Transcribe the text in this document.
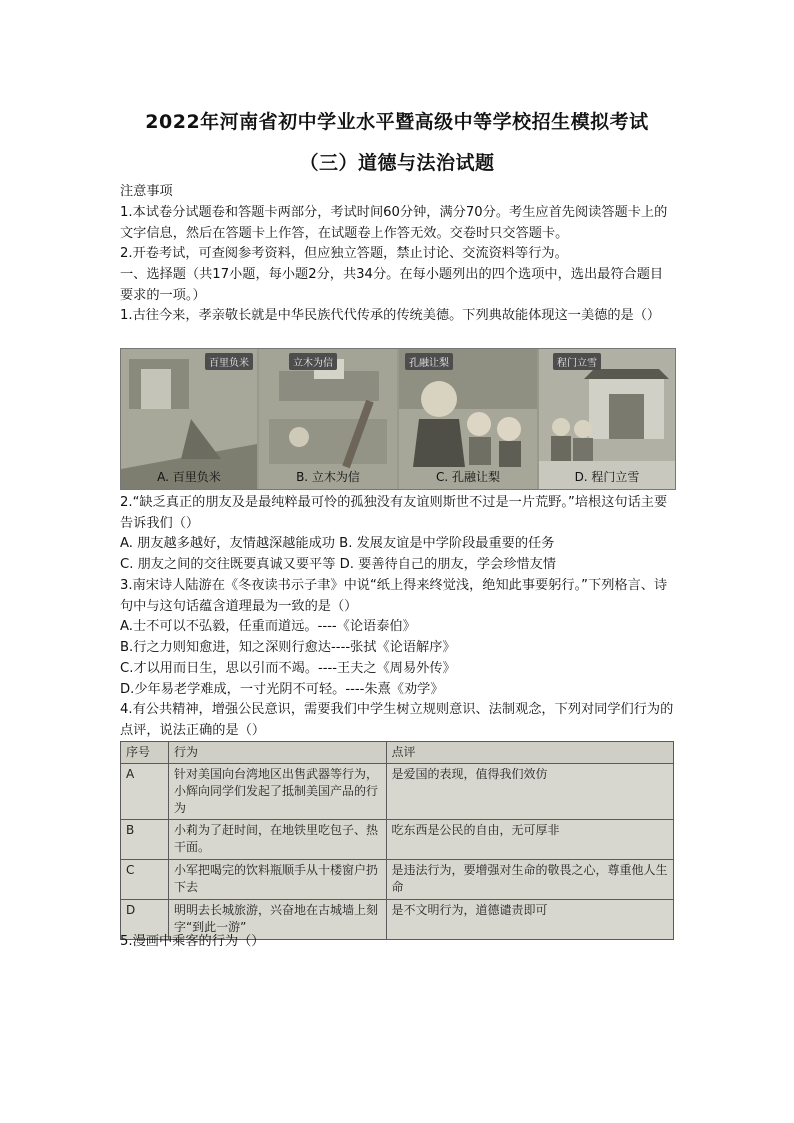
2022年河南省初中学业水平暨高级中等学校招生模拟考试
（三）道德与法治试题
注意事项
1.本试卷分试题卷和答题卡两部分，考试时间60分钟，满分70分。考生应首先阅读答题卡上的文字信息，然后在答题卡上作答，在试题卷上作答无效。交卷时只交答题卡。
2.开卷考试，可查阅参考资料，但应独立答题，禁止讨论、交流资料等行为。
一、选择题（共17小题，每小题2分，共34分。在每小题列出的四个选项中，选出最符合题目要求的一项。）
1.古往今来，孝亲敬长就是中华民族代代传承的传统美德。下列典故能体现这一美德的是（）
百里负米
A. 百里负米
立木为信
B. 立木为信
孔融让梨
C. 孔融让梨
程门立雪
D. 程门立雪
2.“缺乏真正的朋友及是最纯粹最可怜的孤独没有友谊则斯世不过是一片荒野。”培根这句话主要告诉我们（）
A. 朋友越多越好，友情越深越能成功 B. 发展友谊是中学阶段最重要的任务
C. 朋友之间的交往既要真诚又要平等 D. 要善待自己的朋友，学会珍惜友情
3.南宋诗人陆游在《冬夜读书示子聿》中说“纸上得来终觉浅，绝知此事要躬行。”下列格言、诗句中与这句话蕴含道理最为一致的是（）
A.士不可以不弘毅，任重而道远。----《论语泰伯》
B.行之力则知愈进，知之深则行愈达----张拭《论语解序》
C.才以用而日生，思以引而不竭。----王夫之《周易外传》
D.少年易老学难成，一寸光阴不可轻。----朱熹《劝学》
4.有公共精神，增强公民意识，需要我们中学生树立规则意识、法制观念，下列对同学们行为的点评，说法正确的是（）
序号	行为	点评
A	针对美国向台湾地区出售武器等行为，小辉向同学们发起了抵制美国产品的行为	是爱国的表现，值得我们效仿
B	小莉为了赶时间，在地铁里吃包子、热干面。	吃东西是公民的自由，无可厚非
C	小军把喝完的饮料瓶顺手从十楼窗户扔下去	是违法行为，要增强对生命的敬畏之心，尊重他人生命
D	明明去长城旅游，兴奋地在古城墙上刻字“到此一游”	是不文明行为，道德谴责即可
5.漫画中乘客的行为（）
